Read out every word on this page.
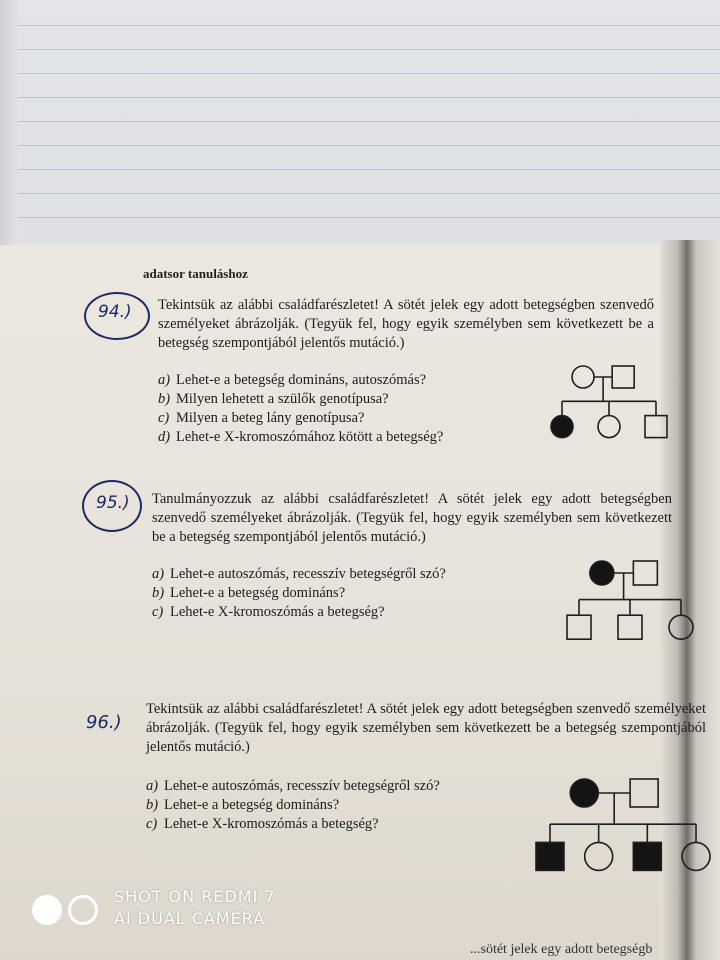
adatsor tanuláshoz
94.) Tekintsük az alábbi családfarészletet! A sötét jelek egy adott betegségben szenvedő személyeket ábrázolják. (Tegyük fel, hogy egyik személyben sem következett be a betegség szempontjából jelentős mutáció.)
a) Lehet-e a betegség domináns, autoszómás?
b) Milyen lehetett a szülők genotípusa?
c) Milyen a beteg lány genotípusa?
d) Lehet-e X-kromoszómához kötött a betegség?
95.) Tanulmányozzuk az alábbi családfarészletet! A sötét jelek egy adott betegségben szenvedő személyeket ábrázolják. (Tegyük fel, hogy egyik személyben sem következett be a betegség szempontjából jelentős mutáció.)
a) Lehet-e autoszómás, recesszív betegségről szó?
b) Lehet-e a betegség domináns?
c) Lehet-e X-kromoszómás a betegség?
96.)
Tekintsük az alábbi családfarészletet! A sötét jelek egy adott betegségben szenvedő személyeket ábrázolják. (Tegyük fel, hogy egyik személyben sem következett be a betegség szempontjából jelentős mutáció.)
a) Lehet-e autoszómás, recesszív betegségről szó?
b) Lehet-e a betegség domináns?
c) Lehet-e X-kromoszómás a betegség?
...sötét jelek egy adott betegségb
SHOT ON REDMI 7
AI DUAL CAMERA
